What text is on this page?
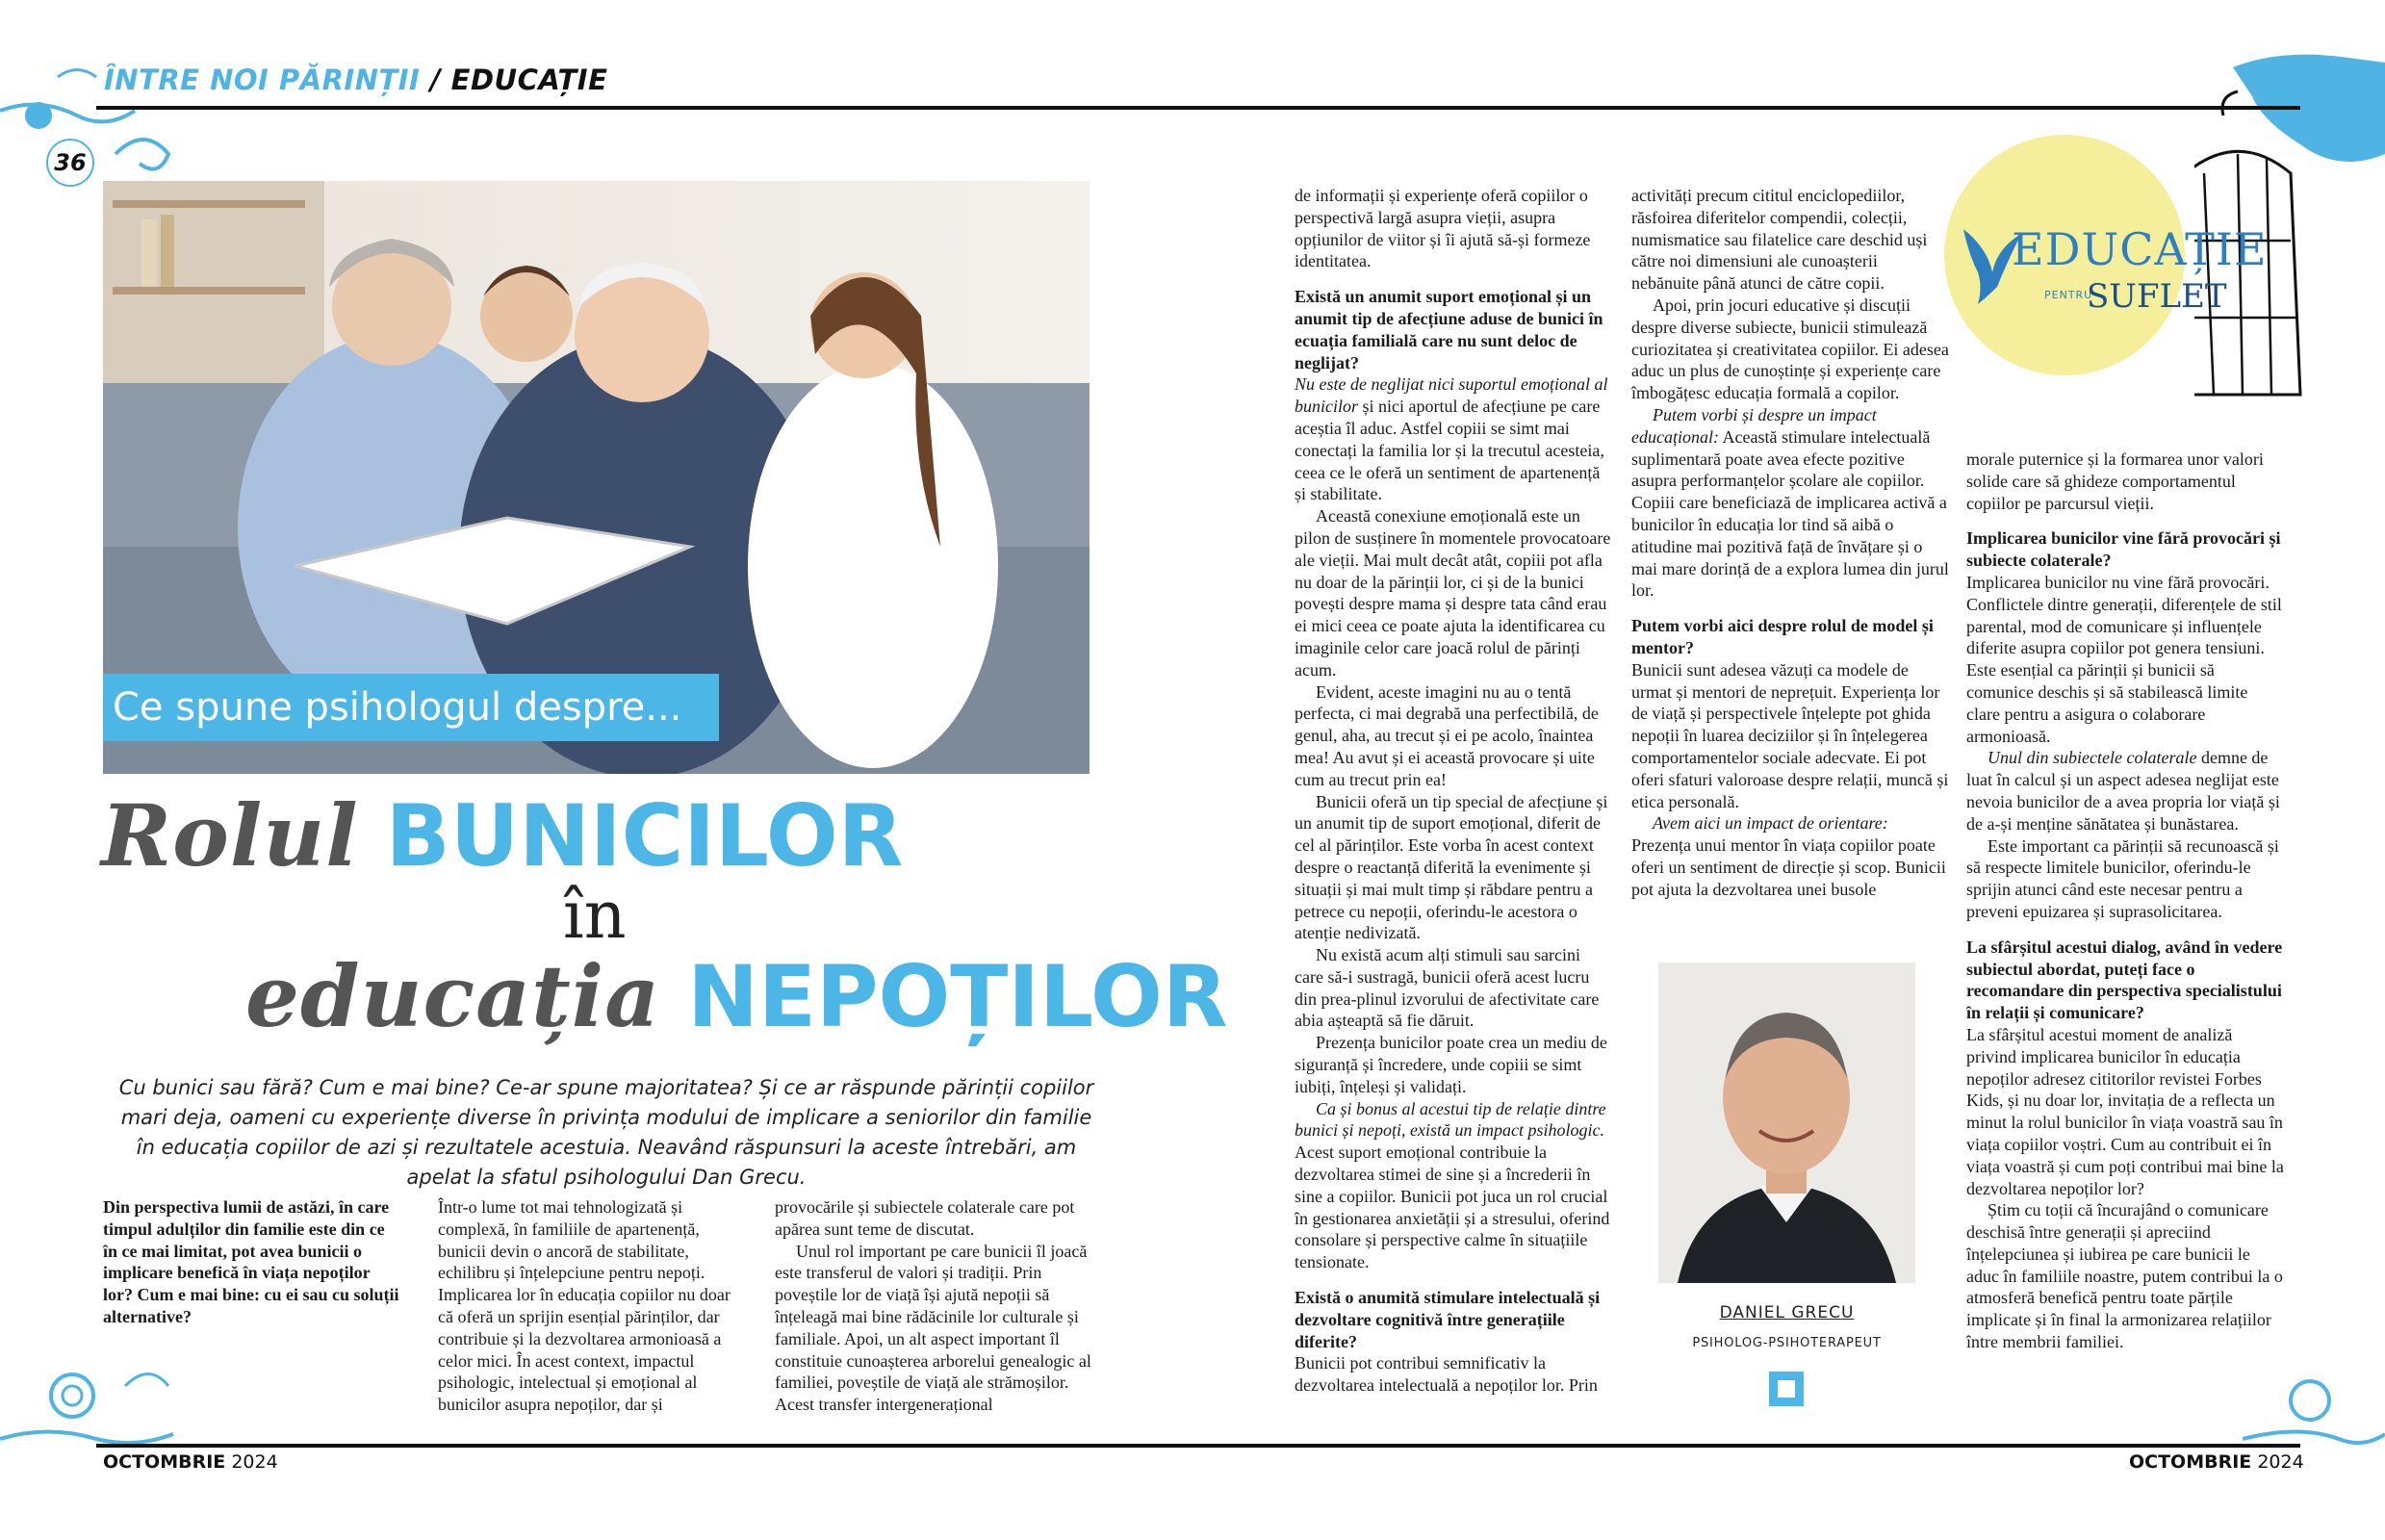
ÎNTRE NOI PĂRINȚII / EDUCAȚIE
36
Ce spune psihologul despre...
Rolul BUNICILOR
în
educația NEPOȚILOR
Cu bunici sau fără? Cum e mai bine? Ce-ar spune majoritatea? Și ce ar răspunde părinții copiilor mari deja, oameni cu experiențe diverse în privința modului de implicare a seniorilor din familie în educația copiilor de azi și rezultatele acestuia. Neavând răspunsuri la aceste întrebări, am apelat la sfatul psihologului Dan Grecu.

Din perspectiva lumii de astăzi, în care timpul adulților din familie este din ce în ce mai limitat, pot avea bunicii o implicare benefică în viața nepoților lor? Cum e mai bine: cu ei sau cu soluții alternative?

Într-o lume tot mai tehnologizată și complexă, în familiile de apartenență, bunicii devin o ancoră de stabilitate, echilibru și înțelepciune pentru nepoți. Implicarea lor în educația copiilor nu doar că oferă un sprijin esențial părinților, dar contribuie și la dezvoltarea armonioasă a celor mici. În acest context, impactul psihologic, intelectual și emoțional al bunicilor asupra nepoților, dar și

provocările și subiectele colaterale care pot apărea sunt teme de discutat.

Unul rol important pe care bunicii îl joacă este transferul de valori și tradiții. Prin poveștile lor de viață își ajută nepoții să înțeleagă mai bine rădăcinile lor culturale și familiale. Apoi, un alt aspect important îl constituie cunoașterea arborelui genealogic al familiei, poveștile de viață ale strămoșilor. Acest transfer intergenerațional

de informații și experiențe oferă copiilor o perspectivă largă asupra vieții, asupra opțiunilor de viitor și îi ajută să-și formeze identitatea.

Există un anumit suport emoțional și un anumit tip de afecțiune aduse de bunici în ecuația familială care nu sunt deloc de neglijat?

Nu este de neglijat nici suportul emoțional al bunicilor și nici aportul de afecțiune pe care aceștia îl aduc. Astfel copiii se simt mai conectați la familia lor și la trecutul acesteia, ceea ce le oferă un sentiment de apartenență și stabilitate.

Această conexiune emoțională este un pilon de susținere în momentele provocatoare ale vieții. Mai mult decât atât, copiii pot afla nu doar de la părinții lor, ci și de la bunici povești despre mama și despre tata când erau ei mici ceea ce poate ajuta la identificarea cu imaginile celor care joacă rolul de părinți acum.

Evident, aceste imagini nu au o tentă perfecta, ci mai degrabă una perfectibilă, de genul, aha, au trecut și ei pe acolo, înaintea mea! Au avut și ei această provocare și uite cum au trecut prin ea!

Bunicii oferă un tip special de afecțiune și un anumit tip de suport emoțional, diferit de cel al părinților. Este vorba în acest context despre o reactanță diferită la evenimente și situații și mai mult timp și răbdare pentru a petrece cu nepoții, oferindu-le acestora o atenție nedivizată.

Nu există acum alți stimuli sau sarcini care să-i sustragă, bunicii oferă acest lucru din prea-plinul izvorului de afectivitate care abia așteaptă să fie dăruit.

Prezența bunicilor poate crea un mediu de siguranță și încredere, unde copiii se simt iubiți, înțeleși și validați.

Ca și bonus al acestui tip de relație dintre bunici și nepoți, există un impact psihologic. Acest suport emoțional contribuie la dezvoltarea stimei de sine și a încrederii în sine a copiilor. Bunicii pot juca un rol crucial în gestionarea anxietății și a stresului, oferind consolare și perspective calme în situațiile tensionate.

Există o anumită stimulare intelectuală și dezvoltare cognitivă între generațiile diferite?

Bunicii pot contribui semnificativ la dezvoltarea intelectuală a nepoților lor. Prin

activități precum cititul enciclopediilor, răsfoirea diferitelor compendii, colecții, numismatice sau filatelice care deschid uși către noi dimensiuni ale cunoașterii nebănuite până atunci de către copii.

Apoi, prin jocuri educative și discuții despre diverse subiecte, bunicii stimulează curiozitatea și creativitatea copiilor. Ei adesea aduc un plus de cunoștințe și experiențe care îmbogățesc educația formală a copilor.

Putem vorbi și despre un impact educațional: Această stimulare intelectuală suplimentară poate avea efecte pozitive asupra performanțelor școlare ale copiilor. Copiii care beneficiază de implicarea activă a bunicilor în educația lor tind să aibă o atitudine mai pozitivă față de învățare și o mai mare dorință de a explora lumea din jurul lor.

Putem vorbi aici despre rolul de model și mentor?

Bunicii sunt adesea văzuți ca modele de urmat și mentori de neprețuit. Experiența lor de viață și perspectivele înțelepte pot ghida nepoții în luarea deciziilor și în înțelegerea comportamentelor sociale adecvate. Ei pot oferi sfaturi valoroase despre relații, muncă și etica personală.

Avem aici un impact de orientare: Prezența unui mentor în viața copiilor poate oferi un sentiment de direcție și scop. Bunicii pot ajuta la dezvoltarea unei busole

DANIEL GRECU
PSIHOLOG-PSIHOTERAPEUT
EDUCAȚIE
PENTRU
SUFLET

morale puternice și la formarea unor valori solide care să ghideze comportamentul copiilor pe parcursul vieții.

Implicarea bunicilor vine fără provocări și subiecte colaterale?

Implicarea bunicilor nu vine fără provocări. Conflictele dintre generații, diferențele de stil parental, mod de comunicare și influențele diferite asupra copiilor pot genera tensiuni. Este esențial ca părinții și bunicii să comunice deschis și să stabilească limite clare pentru a asigura o colaborare armonioasă.

Unul din subiectele colaterale demne de luat în calcul și un aspect adesea neglijat este nevoia bunicilor de a avea propria lor viață și de a-și menține sănătatea și bunăstarea.

Este important ca părinții să recunoască și să respecte limitele bunicilor, oferindu-le sprijin atunci când este necesar pentru a preveni epuizarea și suprasolicitarea.

La sfârșitul acestui dialog, având în vedere subiectul abordat, puteți face o recomandare din perspectiva specialistului în relații și comunicare?

La sfârșitul acestui moment de analiză privind implicarea bunicilor în educația nepoților adresez cititorilor revistei Forbes Kids, și nu doar lor, invitația de a reflecta un minut la rolul bunicilor în viața voastră sau în viața copiilor voștri. Cum au contribuit ei în viața voastră și cum poți contribui mai bine la dezvoltarea nepoților lor?

Știm cu toții că încurajând o comunicare deschisă între generații și apreciind înțelepciunea și iubirea pe care bunicii le aduc în familiile noastre, putem contribui la o atmosferă benefică pentru toate părțile implicate și în final la armonizarea relațiilor între membrii familiei.

OCTOMBRIE 2024	OCTOMBRIE 2024
